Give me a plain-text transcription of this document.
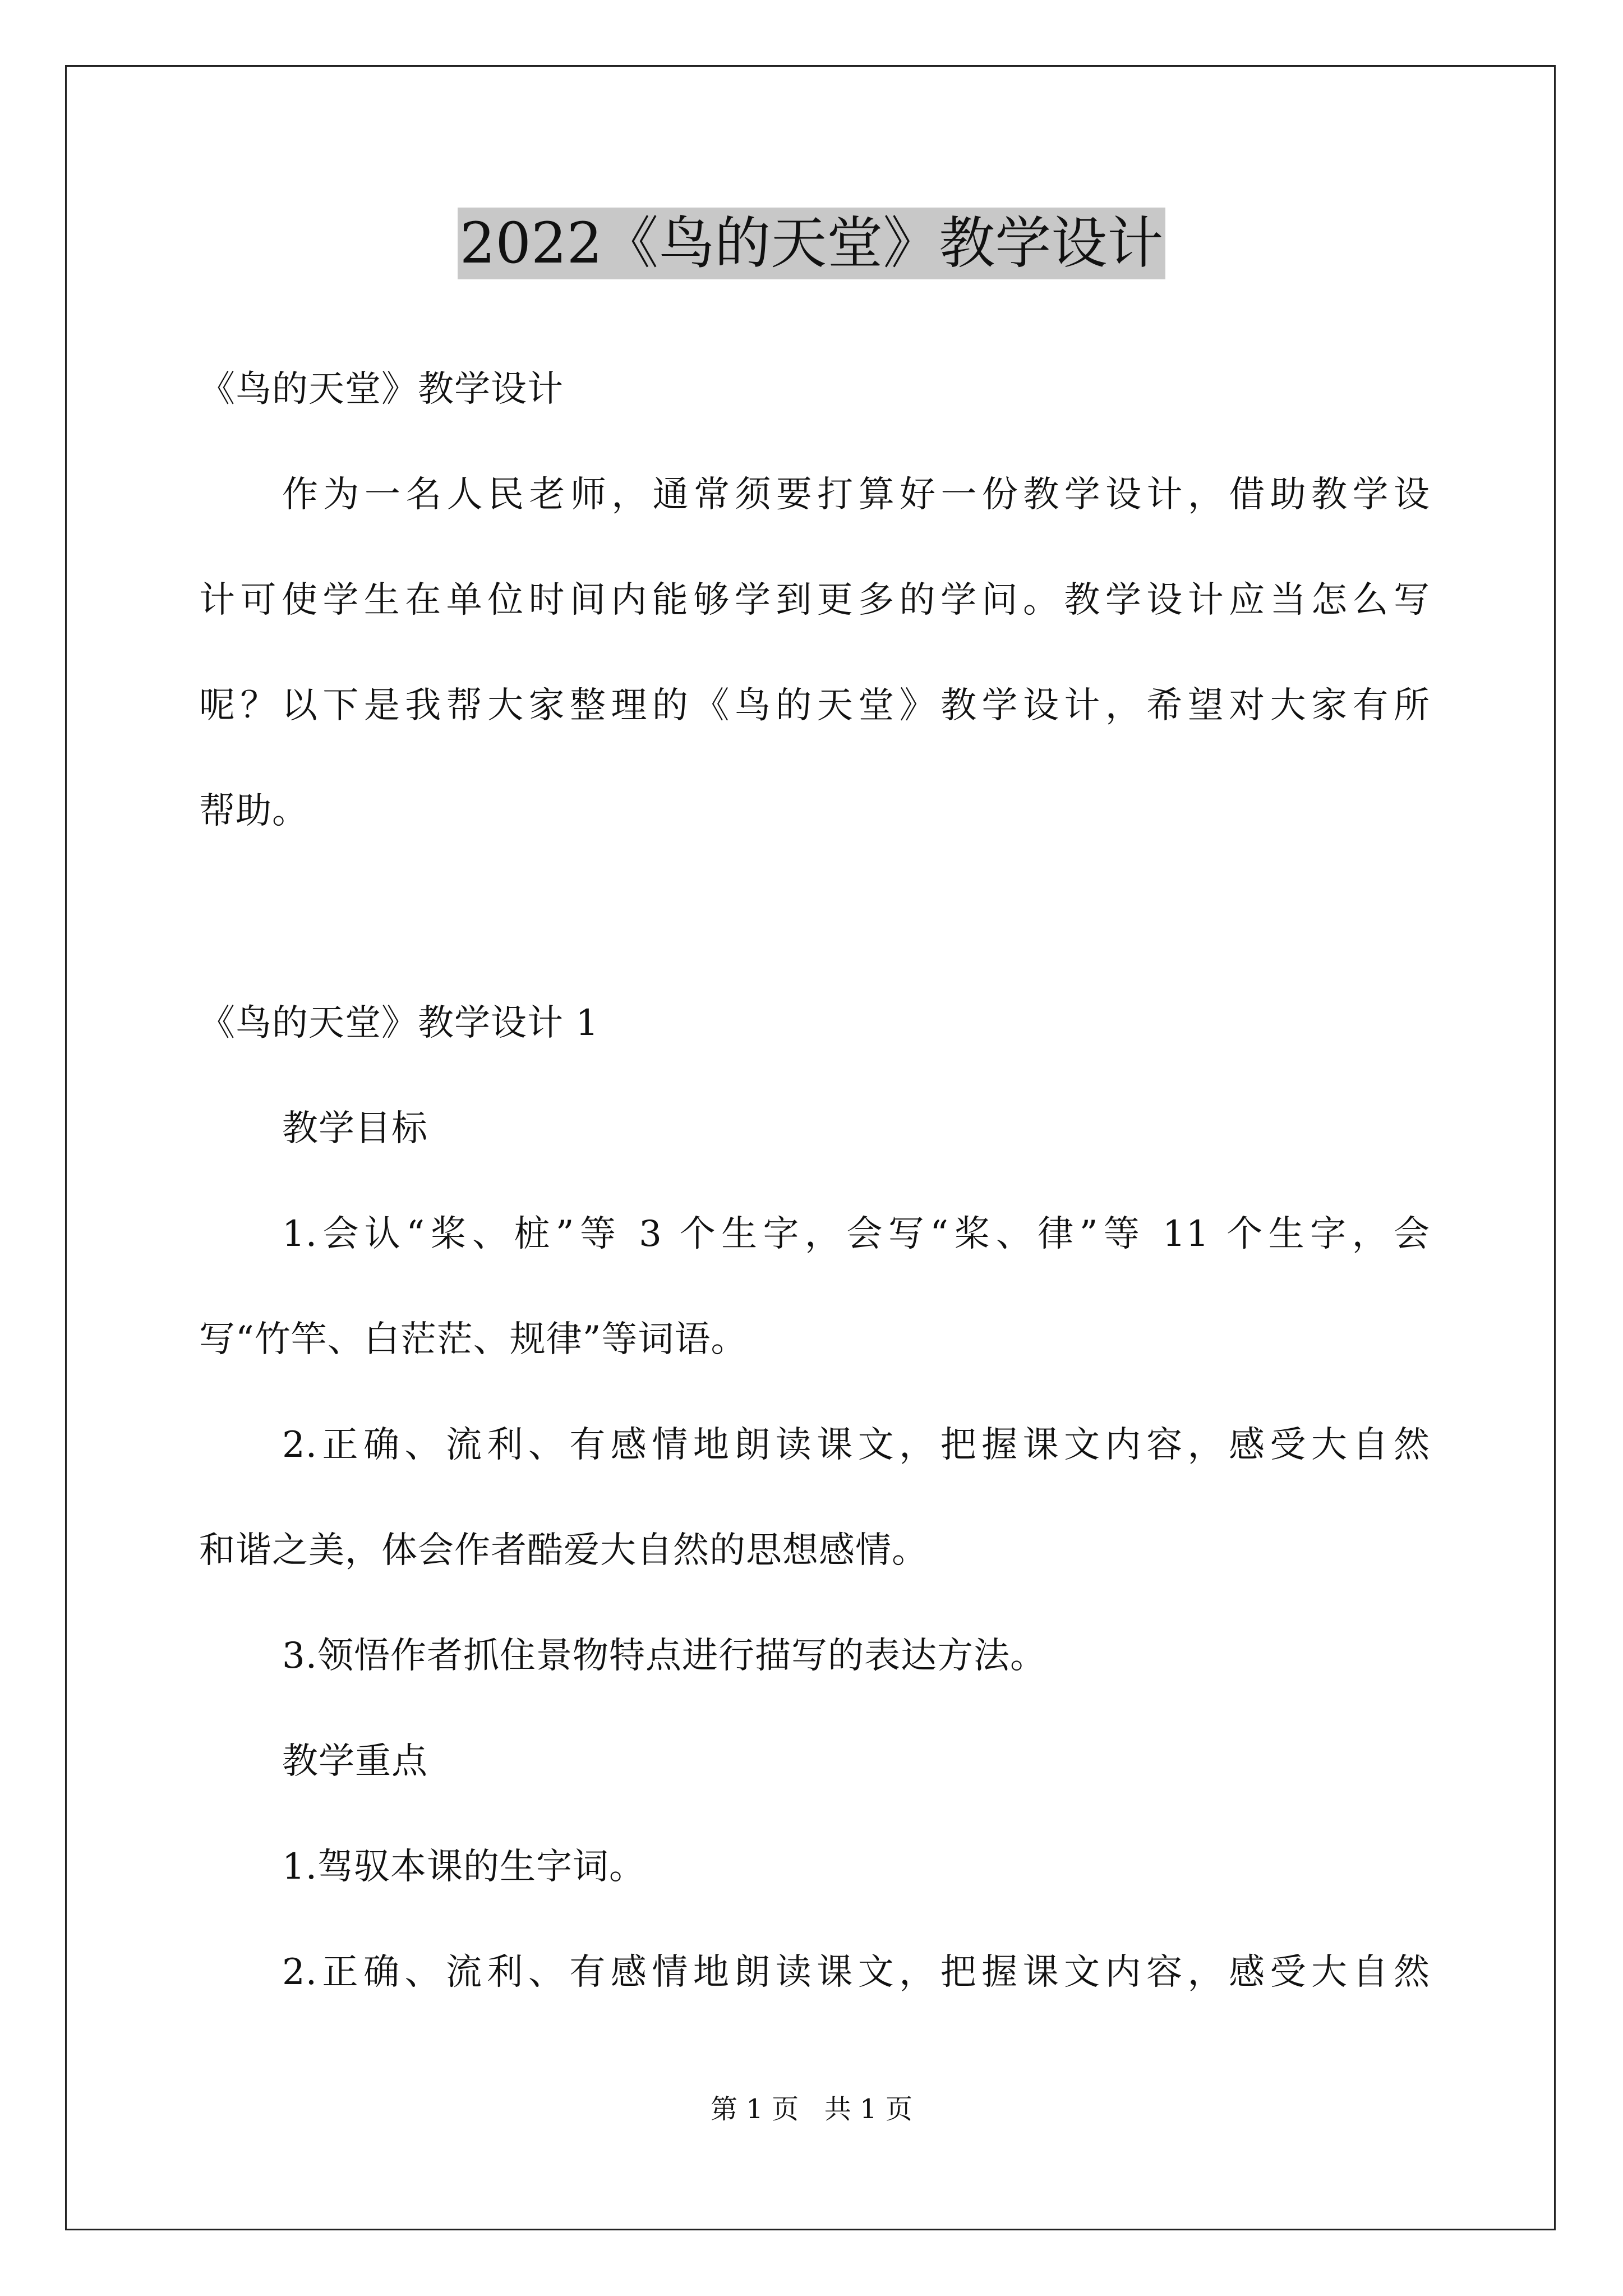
2022《鸟的天堂》教学设计
《鸟的天堂》教学设计
作为一名人民老师，通常须要打算好一份教学设计，借助教学设
计可使学生在单位时间内能够学到更多的学问。教学设计应当怎么写
呢？以下是我帮大家整理的《鸟的天堂》教学设计，希望对大家有所
帮助。
《鸟的天堂》教学设计 1
教学目标
1.会认“桨、桩”等 3 个生字，会写“桨、律”等 11 个生字，会
写“竹竿、白茫茫、规律”等词语。
2.正确、流利、有感情地朗读课文，把握课文内容，感受大自然
和谐之美，体会作者酷爱大自然的思想感情。
3.领悟作者抓住景物特点进行描写的表达方法。
教学重点
1.驾驭本课的生字词。
2.正确、流利、有感情地朗读课文，把握课文内容，感受大自然
第 1 页 共 1 页
